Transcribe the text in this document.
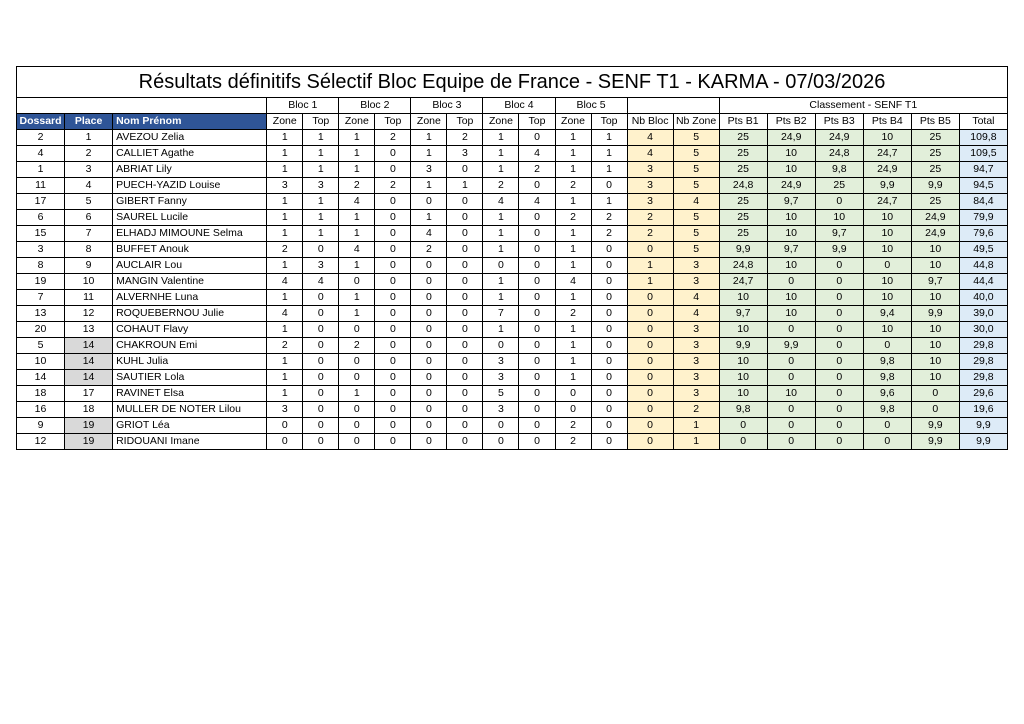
Résultats définitifs Sélectif Bloc Equipe de France - SENF T1 - KARMA - 07/03/2026
			Bloc 1		Bloc 2		Bloc 3		Bloc 4		Bloc 5				Classement - SENF T1					
Dossard	Place	Nom Prénom	Zone	Top	Zone	Top	Zone	Top	Zone	Top	Zone	Top	Nb Bloc	Nb Zone	Pts B1	Pts B2	Pts B3	Pts B4	Pts B5	Total
2	1	AVEZOU Zelia	1	1	1	2	1	2	1	0	1	1	4	5	25	24,9	24,9	10	25	109,8
4	2	CALLIET Agathe	1	1	1	0	1	3	1	4	1	1	4	5	25	10	24,8	24,7	25	109,5
1	3	ABRIAT Lily	1	1	1	0	3	0	1	2	1	1	3	5	25	10	9,8	24,9	25	94,7
11	4	PUECH-YAZID Louise	3	3	2	2	1	1	2	0	2	0	3	5	24,8	24,9	25	9,9	9,9	94,5
17	5	GIBERT Fanny	1	1	4	0	0	0	4	4	1	1	3	4	25	9,7	0	24,7	25	84,4
6	6	SAUREL Lucile	1	1	1	0	1	0	1	0	2	2	2	5	25	10	10	10	24,9	79,9
15	7	ELHADJ MIMOUNE Selma	1	1	1	0	4	0	1	0	1	2	2	5	25	10	9,7	10	24,9	79,6
3	8	BUFFET Anouk	2	0	4	0	2	0	1	0	1	0	0	5	9,9	9,7	9,9	10	10	49,5
8	9	AUCLAIR Lou	1	3	1	0	0	0	0	0	1	0	1	3	24,8	10	0	0	10	44,8
19	10	MANGIN Valentine	4	4	0	0	0	0	1	0	4	0	1	3	24,7	0	0	10	9,7	44,4
7	11	ALVERNHE Luna	1	0	1	0	0	0	1	0	1	0	0	4	10	10	0	10	10	40,0
13	12	ROQUEBERNOU Julie	4	0	1	0	0	0	7	0	2	0	0	4	9,7	10	0	9,4	9,9	39,0
20	13	COHAUT Flavy	1	0	0	0	0	0	1	0	1	0	0	3	10	0	0	10	10	30,0
5	14	CHAKROUN Emi	2	0	2	0	0	0	0	0	1	0	0	3	9,9	9,9	0	0	10	29,8
10	14	KUHL Julia	1	0	0	0	0	0	3	0	1	0	0	3	10	0	0	9,8	10	29,8
14	14	SAUTIER Lola	1	0	0	0	0	0	3	0	1	0	0	3	10	0	0	9,8	10	29,8
18	17	RAVINET Elsa	1	0	1	0	0	0	5	0	0	0	0	3	10	10	0	9,6	0	29,6
16	18	MULLER DE NOTER Lilou	3	0	0	0	0	0	3	0	0	0	0	2	9,8	0	0	9,8	0	19,6
9	19	GRIOT Léa	0	0	0	0	0	0	0	0	2	0	0	1	0	0	0	0	9,9	9,9
12	19	RIDOUANI Imane	0	0	0	0	0	0	0	0	2	0	0	1	0	0	0	0	9,9	9,9
